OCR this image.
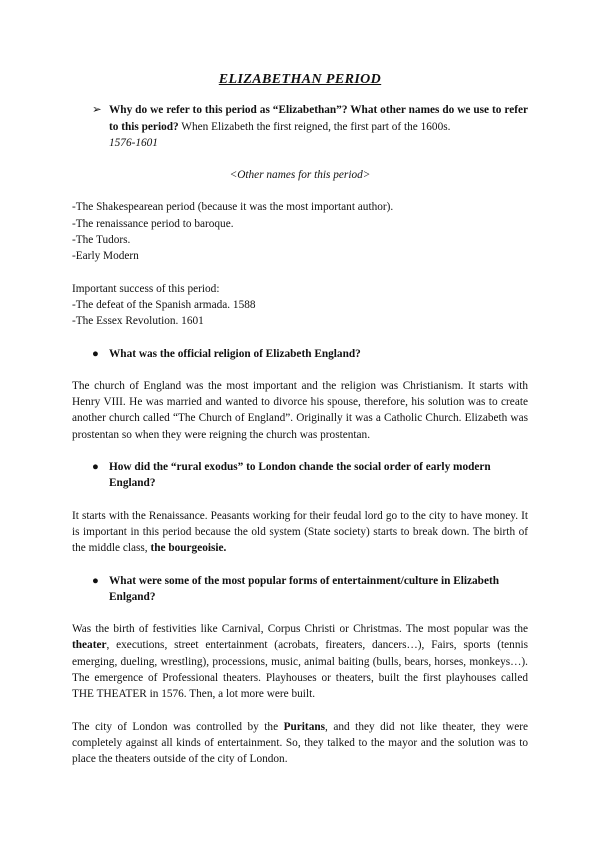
ELIZABETHAN PERIOD

➢ Why do we refer to this period as “Elizabethan”? What other names do we use to refer to this period? When Elizabeth the first reigned, the first part of the 1600s.
1576-1601

<Other names for this period>

-The Shakespearean period (because it was the most important author).

-The renaissance period to baroque.

-The Tudors.

-Early Modern

Important success of this period:

-The defeat of the Spanish armada. 1588

-The Essex Revolution. 1601

● What was the official religion of Elizabeth England?

The church of England was the most important and the religion was Christianism. It starts with Henry VIII. He was married and wanted to divorce his spouse, therefore, his solution was to create another church called “The Church of England”. Originally it was a Catholic Church. Elizabeth was prostentan so when they were reigning the church was prostentan.

● How did the “rural exodus” to London chande the social order of early modern England?

It starts with the Renaissance. Peasants working for their feudal lord go to the city to have money. It is important in this period because the old system (State society) starts to break down. The birth of the middle class, the bourgeoisie.

● What were some of the most popular forms of entertainment/culture in Elizabeth Enlgand?

Was the birth of festivities like Carnival, Corpus Christi or Christmas. The most popular was the theater, executions, street entertainment (acrobats, fireaters, dancers…), Fairs, sports (tennis emerging, dueling, wrestling), processions, music, animal baiting (bulls, bears, horses, monkeys…). The emergence of Professional theaters. Playhouses or theaters, built the first playhouses called THE THEATER in 1576. Then, a lot more were built.

The city of London was controlled by the Puritans, and they did not like theater, they were completely against all kinds of entertainment. So, they talked to the mayor and the solution was to place the theaters outside of the city of London.
